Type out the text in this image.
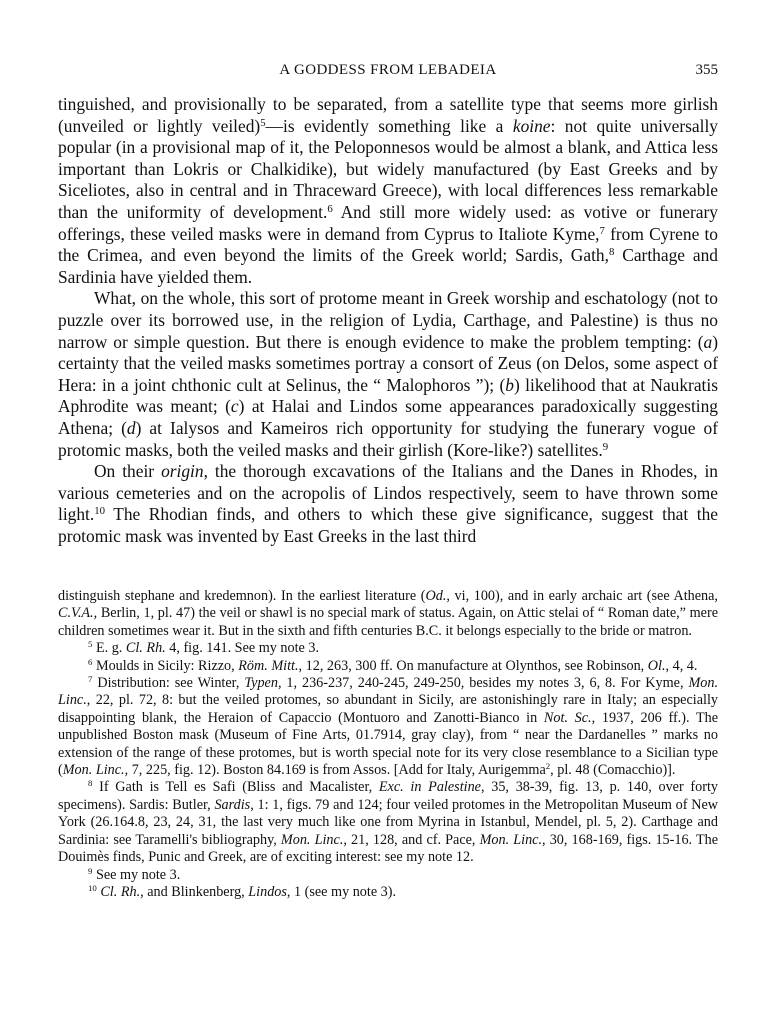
A GODDESS FROM LEBADEIA	355

tinguished, and provisionally to be separated, from a satellite type that seems more girlish (unveiled or lightly veiled)$^5$—is evidently something like a koine: not quite universally popular (in a provisional map of it, the Peloponnesos would be almost a blank, and Attica less important than Lokris or Chalkidike), but widely manufactured (by East Greeks and by Siceliotes, also in central and in Thraceward Greece), with local differences less remarkable than the uniformity of development.$^6$ And still more widely used: as votive or funerary offerings, these veiled masks were in demand from Cyprus to Italiote Kyme,$^7$ from Cyrene to the Crimea, and even beyond the limits of the Greek world; Sardis, Gath,$^8$ Carthage and Sardinia have yielded them.

What, on the whole, this sort of protome meant in Greek worship and eschatology (not to puzzle over its borrowed use, in the religion of Lydia, Carthage, and Palestine) is thus no narrow or simple question. But there is enough evidence to make the problem tempting: (a) certainty that the veiled masks sometimes portray a consort of Zeus (on Delos, some aspect of Hera: in a joint chthonic cult at Selinus, the “ Malophoros ”); (b) likelihood that at Naukratis Aphrodite was meant; (c) at Halai and Lindos some appearances paradoxically suggesting Athena; (d) at Ialysos and Kameiros rich opportunity for studying the funerary vogue of protomic masks, both the veiled masks and their girlish (Kore-like?) satellites.$^9$

On their origin, the thorough excavations of the Italians and the Danes in Rhodes, in various cemeteries and on the acropolis of Lindos respectively, seem to have thrown some light.$^{10}$ The Rhodian finds, and others to which these give significance, suggest that the protomic mask was invented by East Greeks in the last third

distinguish stephane and kredemnon). In the earliest literature (Od., vi, 100), and in early archaic art (see Athena, C.V.A., Berlin, 1, pl. 47) the veil or shawl is no special mark of status. Again, on Attic stelai of “ Roman date,” mere children sometimes wear it. But in the sixth and fifth centuries B.C. it belongs especially to the bride or matron.

$^5$ E. g. Cl. Rh. 4, fig. 141. See my note 3.

$^6$ Moulds in Sicily: Rizzo, Röm. Mitt., 12, 263, 300 ff. On manufacture at Olynthos, see Robinson, Ol., 4, 4.

$^7$ Distribution: see Winter, Typen, 1, 236-237, 240-245, 249-250, besides my notes 3, 6, 8. For Kyme, Mon. Linc., 22, pl. 72, 8: but the veiled protomes, so abundant in Sicily, are astonishingly rare in Italy; an especially disappointing blank, the Heraion of Capaccio (Montuoro and Zanotti-Bianco in Not. Sc., 1937, 206 ff.). The unpublished Boston mask (Museum of Fine Arts, 01.7914, gray clay), from “ near the Dardanelles ” marks no extension of the range of these protomes, but is worth special note for its very close resemblance to a Sicilian type (Mon. Linc., 7, 225, fig. 12). Boston 84.169 is from Assos. [Add for Italy, Aurigemma$^2$, pl. 48 (Comacchio)].

$^8$ If Gath is Tell es Safi (Bliss and Macalister, Exc. in Palestine, 35, 38-39, fig. 13, p. 140, over forty specimens). Sardis: Butler, Sardis, 1: 1, figs. 79 and 124; four veiled protomes in the Metropolitan Museum of New York (26.164.8, 23, 24, 31, the last very much like one from Myrina in Istanbul, Mendel, pl. 5, 2). Carthage and Sardinia: see Taramelli's bibliography, Mon. Linc., 21, 128, and cf. Pace, Mon. Linc., 30, 168-169, figs. 15-16. The Douimès finds, Punic and Greek, are of exciting interest: see my note 12.

$^9$ See my note 3.

$^{10}$ Cl. Rh., and Blinkenberg, Lindos, 1 (see my note 3).
